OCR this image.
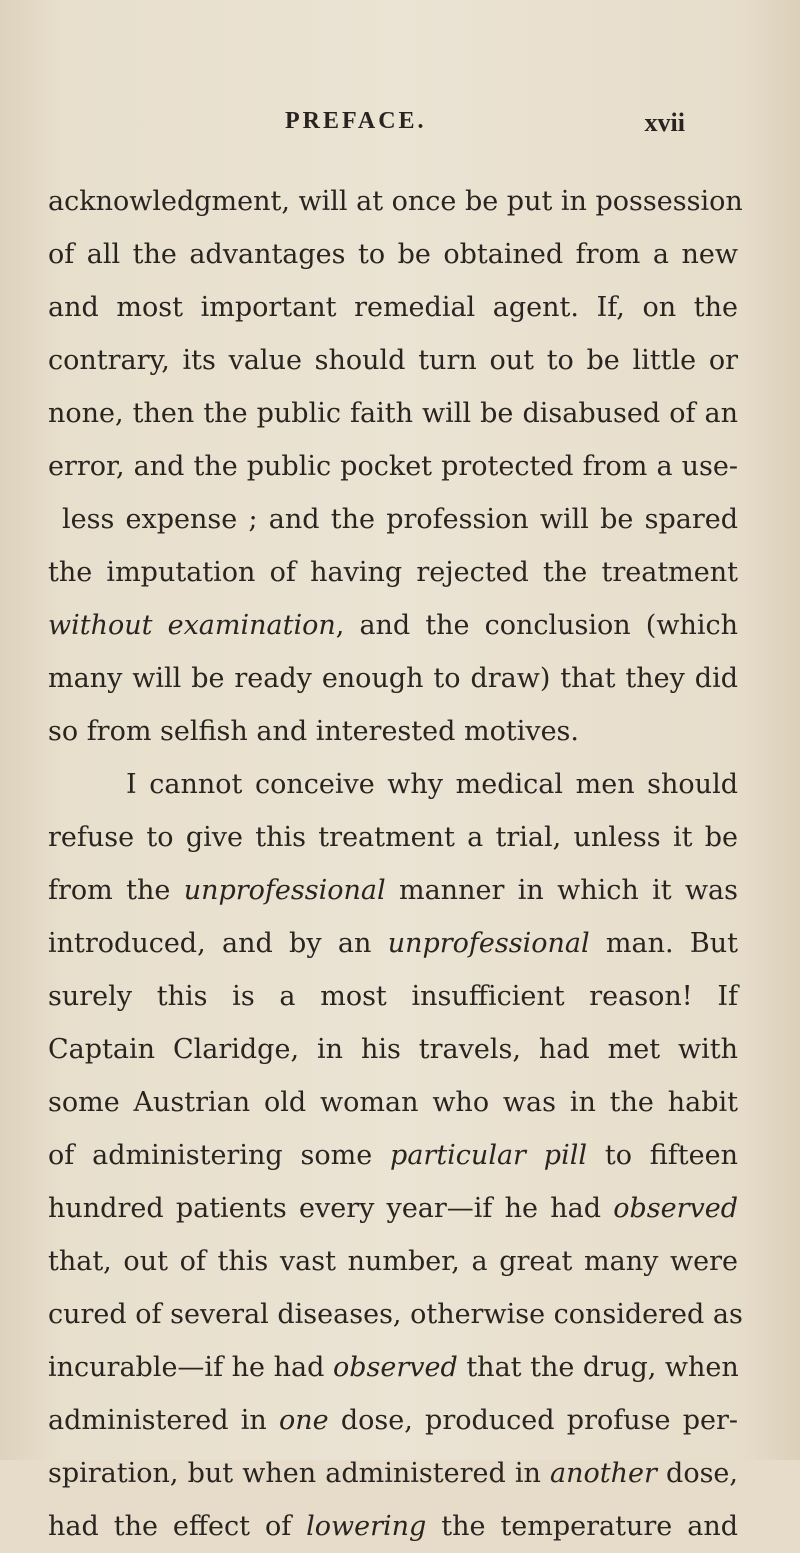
PREFACE.	xvii
acknowledgment, will at once be put in possession
of all the advantages to be obtained from a new
and most important remedial agent. If, on the
contrary, its value should turn out to be little or
none, then the public faith will be disabused of an
error, and the public pocket protected from a use-
less expense ; and the profession will be spared
the imputation of having rejected the treatment
without examination, and the conclusion (which
many will be ready enough to draw) that they did
so from selfish and interested motives.
I cannot conceive why medical men should
refuse to give this treatment a trial, unless it be
from the unprofessional manner in which it was
introduced, and by an unprofessional man. But
surely this is a most insufficient reason! If
Captain Claridge, in his travels, had met with
some Austrian old woman who was in the habit
of administering some particular pill to fifteen
hundred patients every year—if he had observed
that, out of this vast number, a great many were
cured of several diseases, otherwise considered as
incurable—if he had observed that the drug, when
administered in one dose, produced profuse per-
spiration, but when administered in another dose,
had the effect of lowering the temperature and
